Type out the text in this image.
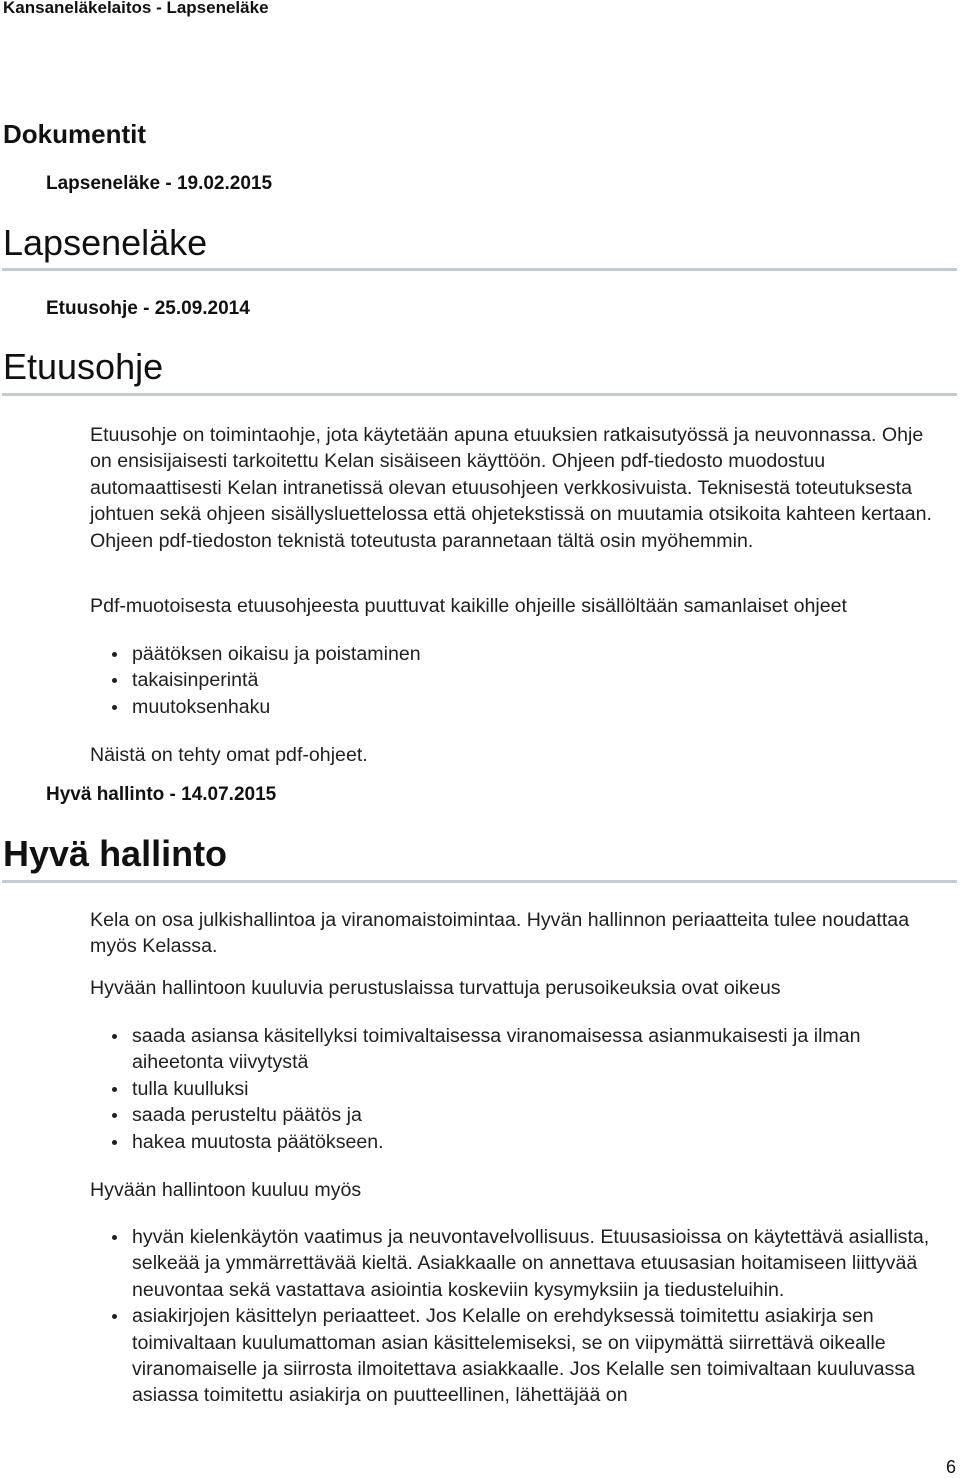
Kansaneläkelaitos - Lapseneläke
Dokumentit
Lapseneläke - 19.02.2015
Lapseneläke
Etuusohje - 25.09.2014
Etuusohje
Etuusohje on toimintaohje, jota käytetään apuna etuuksien ratkaisutyössä ja neuvonnassa. Ohje on ensisijaisesti tarkoitettu Kelan sisäiseen käyttöön. Ohjeen pdf-tiedosto muodostuu automaattisesti Kelan intranetissä olevan etuusohjeen verkkosivuista. Teknisestä toteutuksesta johtuen sekä ohjeen sisällysluettelossa että ohjetekstissä on muutamia otsikoita kahteen kertaan. Ohjeen pdf-tiedoston teknistä toteutusta parannetaan tältä osin myöhemmin.
Pdf-muotoisesta etuusohjeesta puuttuvat kaikille ohjeille sisällöltään samanlaiset ohjeet
päätöksen oikaisu ja poistaminen
takaisinperintä
muutoksenhaku
Näistä on tehty omat pdf-ohjeet.
Hyvä hallinto - 14.07.2015
Hyvä hallinto
Kela on osa julkishallintoa ja viranomaistoimintaa. Hyvän hallinnon periaatteita tulee noudattaa myös Kelassa.
Hyvään hallintoon kuuluvia perustuslaissa turvattuja perusoikeuksia ovat oikeus
saada asiansa käsitellyksi toimivaltaisessa viranomaisessa asianmukaisesti ja ilman aiheetonta viivytystä
tulla kuulluksi
saada perusteltu päätös ja
hakea muutosta päätökseen.
Hyvään hallintoon kuuluu myös
hyvän kielenkäytön vaatimus ja neuvontavelvollisuus. Etuusasioissa on käytettävä asiallista, selkeää ja ymmärrettävää kieltä. Asiakkaalle on annettava etuusasian hoitamiseen liittyvää neuvontaa sekä vastattava asiointia koskeviin kysymyksiin ja tiedusteluihin.
asiakirjojen käsittelyn periaatteet. Jos Kelalle on erehdyksessä toimitettu asiakirja sen toimivaltaan kuulumattoman asian käsittelemiseksi, se on viipymättä siirrettävä oikealle viranomaiselle ja siirrosta ilmoitettava asiakkaalle. Jos Kelalle sen toimivaltaan kuuluvassa asiassa toimitettu asiakirja on puutteellinen, lähettäjää on
6
